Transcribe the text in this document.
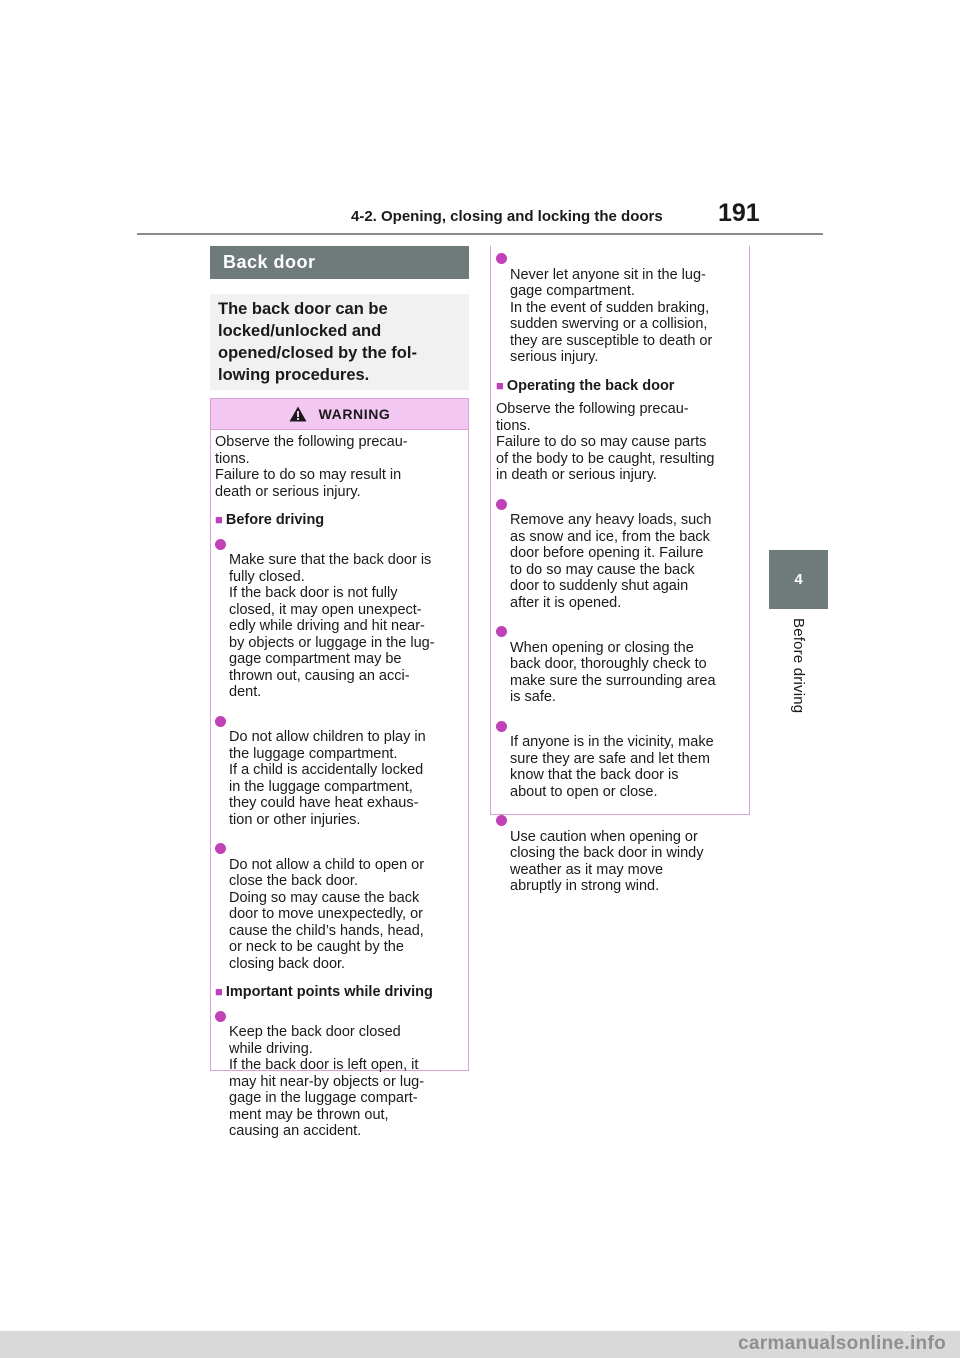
4-2. Opening, closing and locking the doors 191
4
Before driving
Back door
The back door can be locked/unlocked and opened/closed by the fol-lowing procedures.
WARNING

Observe the following precau-
tions.
Failure to do so may result in
death or serious injury.

■ Before driving

Make sure that the back door is
fully closed.
If the back door is not fully
closed, it may open unexpect-
edly while driving and hit near-
by objects or luggage in the lug-
gage compartment may be
thrown out, causing an acci-
dent.

Do not allow children to play in
the luggage compartment.
If a child is accidentally locked
in the luggage compartment,
they could have heat exhaus-
tion or other injuries.

Do not allow a child to open or
close the back door.
Doing so may cause the back
door to move unexpectedly, or
cause the child’s hands, head,
or neck to be caught by the
closing back door.

■ Important points while driving

Keep the back door closed
while driving.
If the back door is left open, it
may hit near-by objects or lug-
gage in the luggage compart-
ment may be thrown out,
causing an accident.

Never let anyone sit in the lug-
gage compartment.
In the event of sudden braking,
sudden swerving or a collision,
they are susceptible to death or
serious injury.

■ Operating the back door

Observe the following precau-
tions.
Failure to do so may cause parts
of the body to be caught, resulting
in death or serious injury.

Remove any heavy loads, such
as snow and ice, from the back
door before opening it. Failure
to do so may cause the back
door to suddenly shut again
after it is opened.

When opening or closing the
back door, thoroughly check to
make sure the surrounding area
is safe.

If anyone is in the vicinity, make
sure they are safe and let them
know that the back door is
about to open or close.

Use caution when opening or
closing the back door in windy
weather as it may move
abruptly in strong wind.

carmanualsonline.info
